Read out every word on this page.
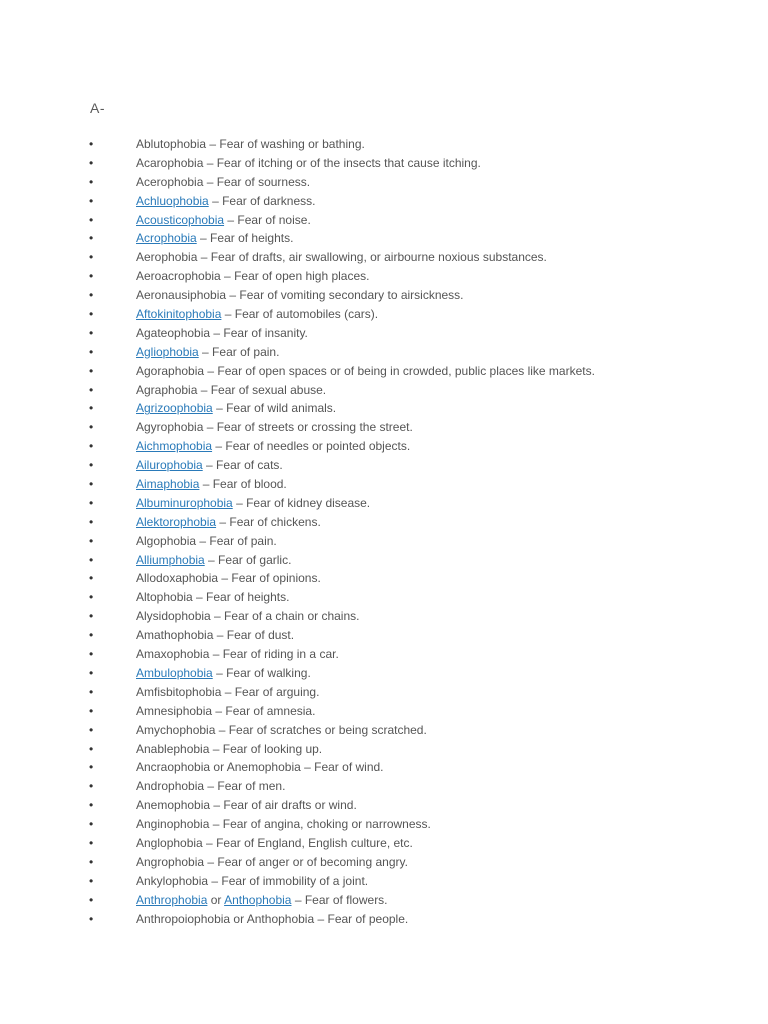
A-
•	Ablutophobia – Fear of washing or bathing.
•	Acarophobia – Fear of itching or of the insects that cause itching.
•	Acerophobia – Fear of sourness.
•	Achluophobia – Fear of darkness.
•	Acousticophobia – Fear of noise.
•	Acrophobia – Fear of heights.
•	Aerophobia – Fear of drafts, air swallowing, or airbourne noxious substances.
•	Aeroacrophobia – Fear of open high places.
•	Aeronausiphobia – Fear of vomiting secondary to airsickness.
•	Aftokinitophobia – Fear of automobiles (cars).
•	Agateophobia – Fear of insanity.
•	Agliophobia – Fear of pain.
•	Agoraphobia – Fear of open spaces or of being in crowded, public places like markets.
•	Agraphobia – Fear of sexual abuse.
•	Agrizoophobia – Fear of wild animals.
•	Agyrophobia – Fear of streets or crossing the street.
•	Aichmophobia – Fear of needles or pointed objects.
•	Ailurophobia – Fear of cats.
•	Aimaphobia – Fear of blood.
•	Albuminurophobia – Fear of kidney disease.
•	Alektorophobia – Fear of chickens.
•	Algophobia – Fear of pain.
•	Alliumphobia – Fear of garlic.
•	Allodoxaphobia – Fear of opinions.
•	Altophobia – Fear of heights.
•	Alysidophobia – Fear of a chain or chains.
•	Amathophobia – Fear of dust.
•	Amaxophobia – Fear of riding in a car.
•	Ambulophobia – Fear of walking.
•	Amfisbitophobia – Fear of arguing.
•	Amnesiphobia – Fear of amnesia.
•	Amychophobia – Fear of scratches or being scratched.
•	Anablephobia – Fear of looking up.
•	Ancraophobia or Anemophobia – Fear of wind.
•	Androphobia – Fear of men.
•	Anemophobia – Fear of air drafts or wind.
•	Anginophobia – Fear of angina, choking or narrowness.
•	Anglophobia – Fear of England, English culture, etc.
•	Angrophobia – Fear of anger or of becoming angry.
•	Ankylophobia – Fear of immobility of a joint.
•	Anthrophobia or Anthophobia – Fear of flowers.
•	Anthropoiophobia or Anthophobia – Fear of people.
